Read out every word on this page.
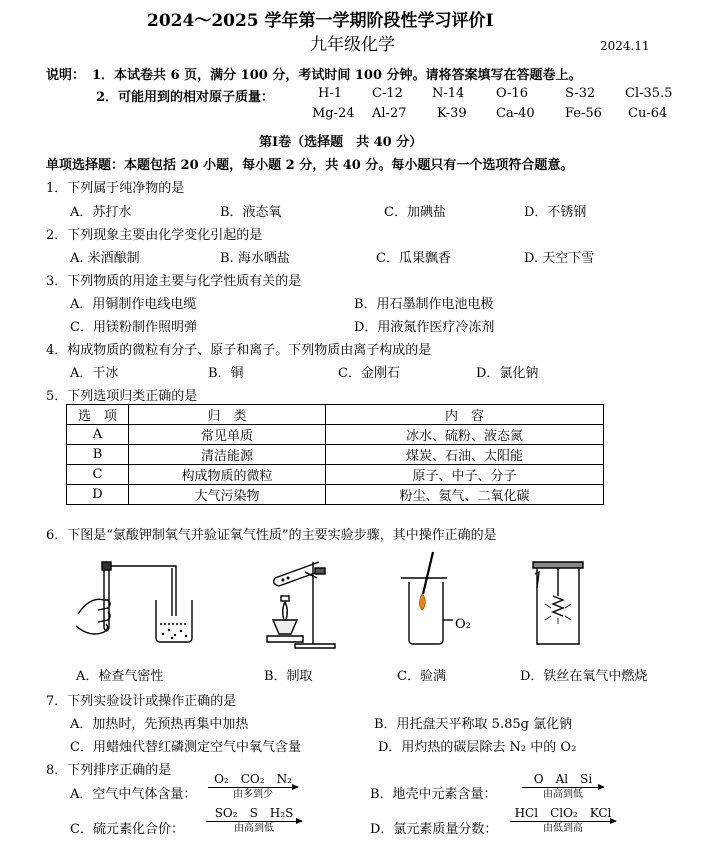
2024～2025 学年第一学期阶段性学习评价Ⅰ
九年级化学	2024.11
说明： 1．本试卷共 6 页，满分 100 分，考试时间 100 分钟。请将答案填写在答题卷上。
2．可能用到的相对原子质量：	H-1 C-12 N-14 O-16	S-32 Cl-35.5
Mg-24 Al-27 K-39 Ca-40 Fe-56 Cu-64
第Ⅰ卷（选择题　共 40 分）
单项选择题：本题包括 20 小题，每小题 2 分，共 40 分。每小题只有一个选项符合题意。
1．下列属于纯净物的是
A．苏打水	B．液态氧	C．加碘盐	D．不锈钢
2．下列现象主要由化学变化引起的是
A. 米酒酿制	B. 海水晒盐	C．瓜果飘香	D. 天空下雪
3．下列物质的用途主要与化学性质有关的是
A．用铜制作电线电缆	B．用石墨制作电池电极
C．用镁粉制作照明弹	D．用液氮作医疗冷冻剂
4．构成物质的微粒有分子、原子和离子。下列物质由离子构成的是
A．干冰	B．铜	C．金刚石	D．氯化钠
5．下列选项归类正确的是
选　项	归　类	内　容
A	常见单质	冰水、硫粉、液态氮
B	清洁能源	煤炭、石油、太阳能
C	构成物质的微粒	原子、中子、分子
D	大气污染物	粉尘、氦气、二氧化碳
6．下图是“氯酸钾制氧气并验证氧气性质”的主要实验步骤，其中操作正确的是
O₂
A．检查气密性	B．制取	C．验满	D．铁丝在氧气中燃烧
7．下列实验设计或操作正确的是
A．加热时，先预热再集中加热	B．用托盘天平称取 5.85g 氯化钠
C．用蜡烛代替红磷测定空气中氧气含量	D．用灼热的碳层除去 N₂ 中的 O₂
8．下列排序正确的是
A．空气中气体含量：
O₂　CO₂　N₂
由多到少	B．地壳中元素含量：
O　Al　Si
由高到低
C．硫元素化合价：
SO₂　S　H₂S
由高到低	D．氯元素质量分数：
HCl　ClO₂　KCl
由低到高
